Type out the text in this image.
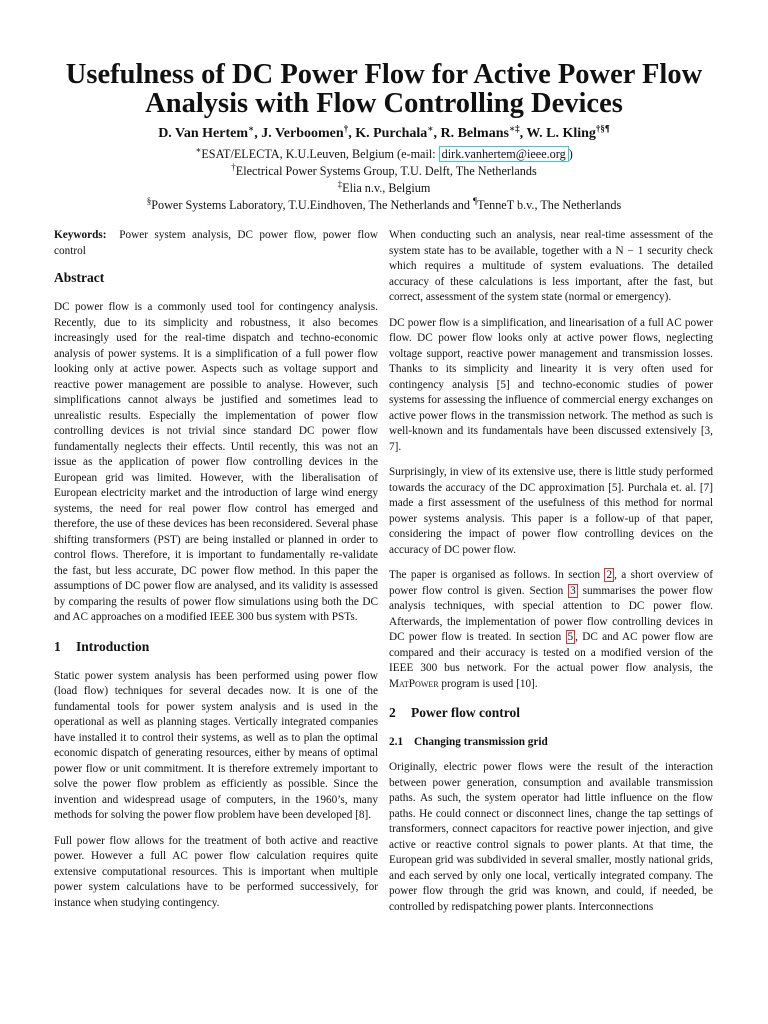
Usefulness of DC Power Flow for Active Power Flow Analysis with Flow Controlling Devices
D. Van Hertem∗, J. Verboomen†, K. Purchala∗, R. Belmans∗‡, W. L. Kling†§¶
∗ESAT/ELECTA, K.U.Leuven, Belgium (e-mail: dirk.vanhertem@ieee.org )
†Electrical Power Systems Group, T.U. Delft, The Netherlands
‡Elia n.v., Belgium
§Power Systems Laboratory, T.U.Eindhoven, The Netherlands and ¶TenneT b.v., The Netherlands

Keywords: Power system analysis, DC power flow, power flow control

Abstract

DC power flow is a commonly used tool for contingency analysis. Recently, due to its simplicity and robustness, it also becomes increasingly used for the real-time dispatch and techno-economic analysis of power systems. It is a simplification of a full power flow looking only at active power. Aspects such as voltage support and reactive power management are possible to analyse. However, such simplifications cannot always be justified and sometimes lead to unrealistic results. Especially the implementation of power flow controlling devices is not trivial since standard DC power flow fundamentally neglects their effects. Until recently, this was not an issue as the application of power flow controlling devices in the European grid was limited. However, with the liberalisation of European electricity market and the introduction of large wind energy systems, the need for real power flow control has emerged and therefore, the use of these devices has been reconsidered. Several phase shifting transformers (PST) are being installed or planned in order to control flows. Therefore, it is important to fundamentally re-validate the fast, but less accurate, DC power flow method. In this paper the assumptions of DC power flow are analysed, and its validity is assessed by comparing the results of power flow simulations using both the DC and AC approaches on a modified IEEE 300 bus system with PSTs.

1 Introduction

Static power system analysis has been performed using power flow (load flow) techniques for several decades now. It is one of the fundamental tools for power system analysis and is used in the operational as well as planning stages. Vertically integrated companies have installed it to control their systems, as well as to plan the optimal economic dispatch of generating resources, either by means of optimal power flow or unit commitment. It is therefore extremely important to solve the power flow problem as efficiently as possible. Since the invention and widespread usage of computers, in the 1960’s, many methods for solving the power flow problem have been developed [8].

Full power flow allows for the treatment of both active and reactive power. However a full AC power flow calculation requires quite extensive computational resources. This is important when multiple power system calculations have to be performed successively, for instance when studying contingency.

When conducting such an analysis, near real-time assessment of the system state has to be available, together with a N − 1 security check which requires a multitude of system evaluations. The detailed accuracy of these calculations is less important, after the fast, but correct, assessment of the system state (normal or emergency).

DC power flow is a simplification, and linearisation of a full AC power flow. DC power flow looks only at active power flows, neglecting voltage support, reactive power management and transmission losses. Thanks to its simplicity and linearity it is very often used for contingency analysis [5] and techno-economic studies of power systems for assessing the influence of commercial energy exchanges on active power flows in the transmission network. The method as such is well-known and its fundamentals have been discussed extensively [3, 7].

Surprisingly, in view of its extensive use, there is little study performed towards the accuracy of the DC approximation [5]. Purchala et. al. [7] made a first assessment of the usefulness of this method for normal power systems analysis. This paper is a follow-up of that paper, considering the impact of power flow controlling devices on the accuracy of DC power flow.

The paper is organised as follows. In section 2 , a short overview of power flow control is given. Section 3 summarises the power flow analysis techniques, with special attention to DC power flow. Afterwards, the implementation of power flow controlling devices in DC power flow is treated. In section 5 , DC and AC power flow are compared and their accuracy is tested on a modified version of the IEEE 300 bus network. For the actual power flow analysis, the MatPower program is used [10].

2 Power flow control
2.1 Changing transmission grid

Originally, electric power flows were the result of the interaction between power generation, consumption and available transmission paths. As such, the system operator had little influence on the flow paths. He could connect or disconnect lines, change the tap settings of transformers, connect capacitors for reactive power injection, and give active or reactive control signals to power plants. At that time, the European grid was subdivided in several smaller, mostly national grids, and each served by only one local, vertically integrated company. The power flow through the grid was known, and could, if needed, be controlled by redispatching power plants. Interconnections
